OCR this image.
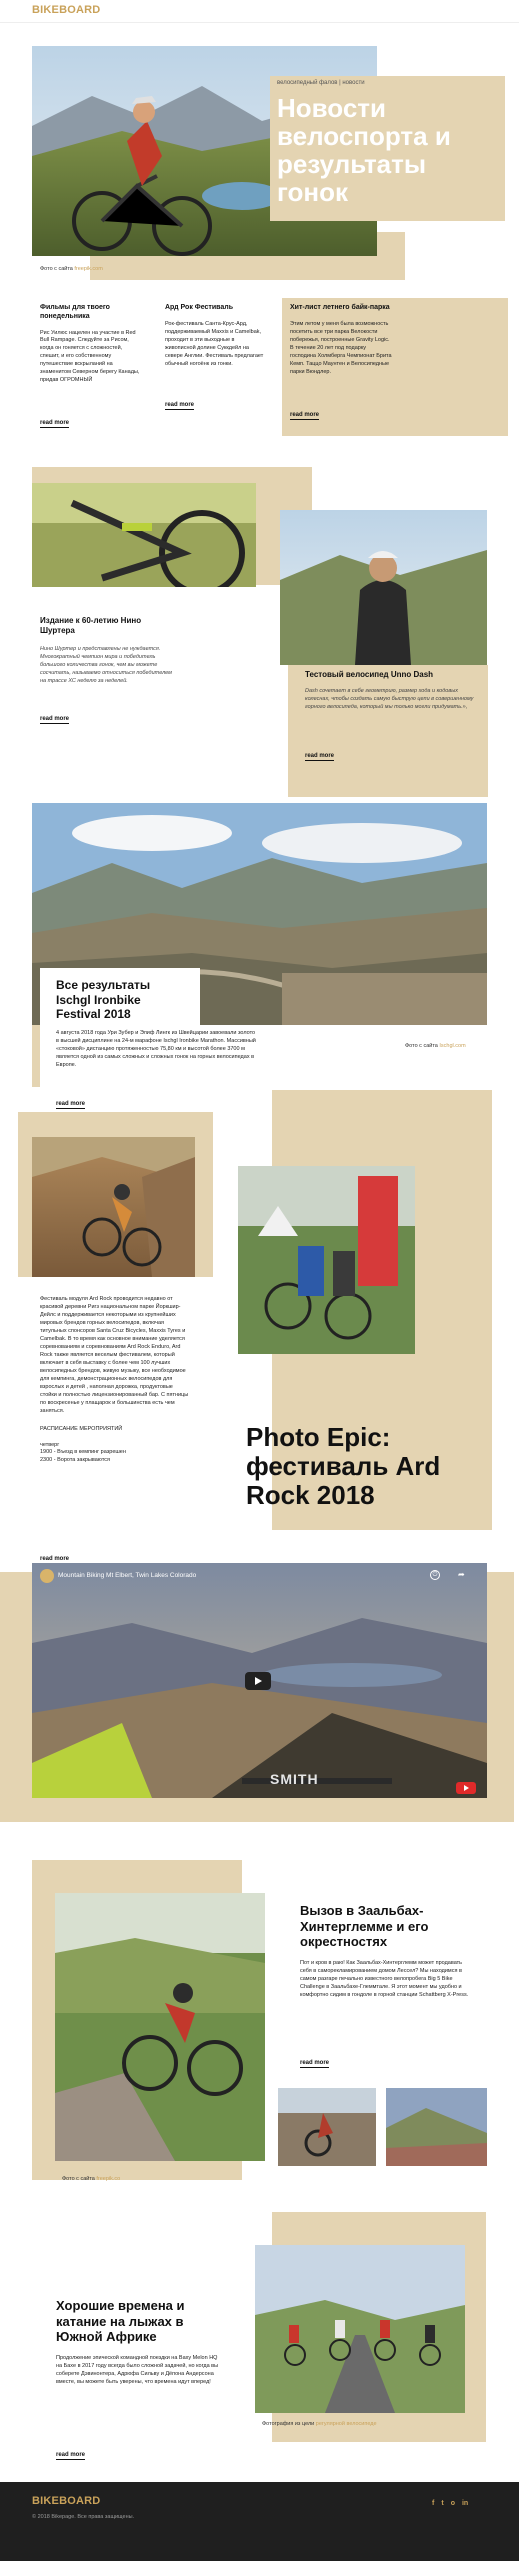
BIKEBOARD
велосипедный фалов | новости
Новости велоспорта и результаты гонок
Фото с сайта freepik.com
Фильмы для твоего понедельника
Рис Уилюс нацелен на участие в Red Bull Rampage. Следуйте за Рисом, когда он гоняется с сложностей, спешит, и его собственному путешествие вскрыланий на знаменитом Северном берегу Канады, придав ОГРОМНЫЙ
read more
Ард Рок Фестиваль
Рок-фестиваль Санта-Крус-Ард, поддерживаемый Maxxis и Camelbak, проходит в эти выходные в живописной долине Суккдейл на севере Англии. Фестиваль предлагает обычный ногоёнк из гонки.
read more
Хит-лист летнего байк-парка
Этим летом у меня была возможность посетить все три парка Велокости побережья, построенные Gravity Logic. В течение 20 лет под подарку господина Холмберга Чемпионат Брита Кемп. Таццо Маунтен и Велосипедные парки Вюндлер.
read more
Издание к 60-летию Нино Шуртера
Нино Шуртер и представлены не нуждается. Многократный чемпион мира и победитель большого количества гонок, чем вы можете сосчитать, называемо относиться победителем на трассе ХС неделю за неделей.
read more
Тестовый велосипед Unno Dash
Dash сочетает в себе геометрию, размер хода и кодовых колеснах, чтобы создать самую быструю цепи в совершенному горного велосипеда, который мы только могли придумать.»,
read more
Все результаты Ischgl Ironbike Festival 2018
4 августа 2018 года Ури Зубер и Элиф Лингк из Швейцарии завоевали золото в высшей дисциплине на 24-м марафоне Ischgl Ironbike Marathon. Массивный «стоковой» дистанцию протяженностью 75,80 км и высотой более 3700 м является одной из самых сложных и сложных гонок на горных велосипедах в Европе.
read more
Фото с сайта Ischgl.com
Фестиваль модуля Ard Rock проводится недавно от красивой деревни Ригз национальном парке Йоркшир-Дейлс и поддерживается некоторыми из крупнейших мировых брендов горных велосипедов, включая титульных спонсоров Santa Cruz Bicycles, Maxxis Tyres и Camelbak. В то время как основное внимание уделяется соревнованиям и соревнованиям Ard Rock Enduro, Ard Rock также является веселым фестивалем, который включает в себя выставку с более чем 100 лучших велосипедных брендов, живую музыку, все необходимое для кемпинга, демонстрационных велосипедов для взрослых и детей , наполная дорожка, продуктовые стойки и полностью лицензионированный бар. С пятницы по воскресенье у плащарок и большинства есть чем заняться.
РАСПИСАНИЕ МЕРОПРИЯТИЙ
четверг
1900 - Въезд в кемпинг разрешен
2300 - Ворота закрываются
read more
Photo Epic: фестиваль Ard Rock 2018
Mountain Biking Mt Elbert, Twin Lakes Colorado	⏱	➦
SMITH
Вызов в Заальбах-Хинтерглемме и его окрестностях
Пот и кров в раю! Как Заальбах-Хинтерглемм может продавать себя в саморекламированием домом Лессел? Мы находимся в самом разгаре печально известного велопробега Big 5 Bike Challenge в Заальбахе-Глеммтале. Я этот момент мы удобно и комфортно сидим в гондоле в горной станции Schattberg X-Press.
read more
Фото с сайта freepik.co
Хорошие времена и катание на лыжах в Южной Африке
Продолжение эпической командной поездки на Baxy Melon HQ на Бахе в 2017 году всегда было сложной задачей, но когда вы соберете Дэвинонтера, Адрюфа Сильву и Дёпона Андерсона вместе, вы можете быть уверены, что времена идут вперед!
read more
Фотография из цели регулярной велосипеде
BIKEBOARD
© 2018 Bikepage. Все права защищены.
f t o in
